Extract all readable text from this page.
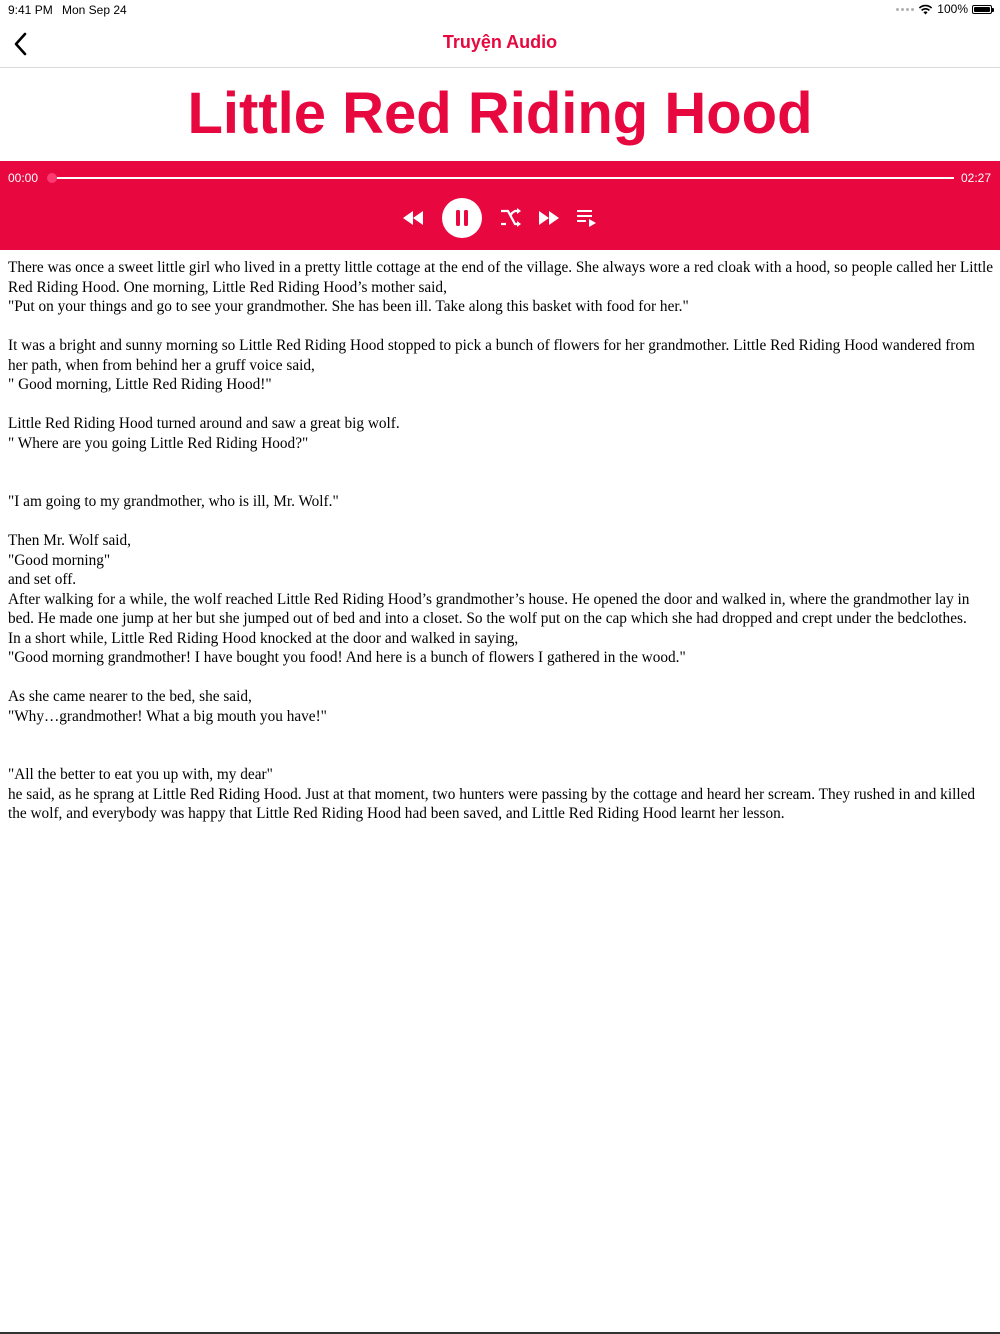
9:41 PM Mon Sep 24	100%
Truyện Audio
Little Red Riding Hood
00:00	02:27
There was once a sweet little girl who lived in a pretty little cottage at the end of the village. She always wore a red cloak with a hood, so people called her Little Red Riding Hood. One morning, Little Red Riding Hood’s mother said,
"Put on your things and go to see your grandmother. She has been ill. Take along this basket with food for her."

It was a bright and sunny morning so Little Red Riding Hood stopped to pick a bunch of flowers for her grandmother. Little Red Riding Hood wandered from her path, when from behind her a gruff voice said,
" Good morning, Little Red Riding Hood!"

Little Red Riding Hood turned around and saw a great big wolf.
" Where are you going Little Red Riding Hood?"

"I am going to my grandmother, who is ill, Mr. Wolf."

Then Mr. Wolf said,
"Good morning"
and set off.
After walking for a while, the wolf reached Little Red Riding Hood’s grandmother’s house. He opened the door and walked in, where the grandmother lay in bed. He made one jump at her but she jumped out of bed and into a closet. So the wolf put on the cap which she had dropped and crept under the bedclothes.
In a short while, Little Red Riding Hood knocked at the door and walked in saying,
"Good morning grandmother! I have bought you food! And here is a bunch of flowers I gathered in the wood."

As she came nearer to the bed, she said,
"Why…grandmother! What a big mouth you have!"

"All the better to eat you up with, my dear"
he said, as he sprang at Little Red Riding Hood. Just at that moment, two hunters were passing by the cottage and heard her scream. They rushed in and killed the wolf, and everybody was happy that Little Red Riding Hood had been saved, and Little Red Riding Hood learnt her lesson.
